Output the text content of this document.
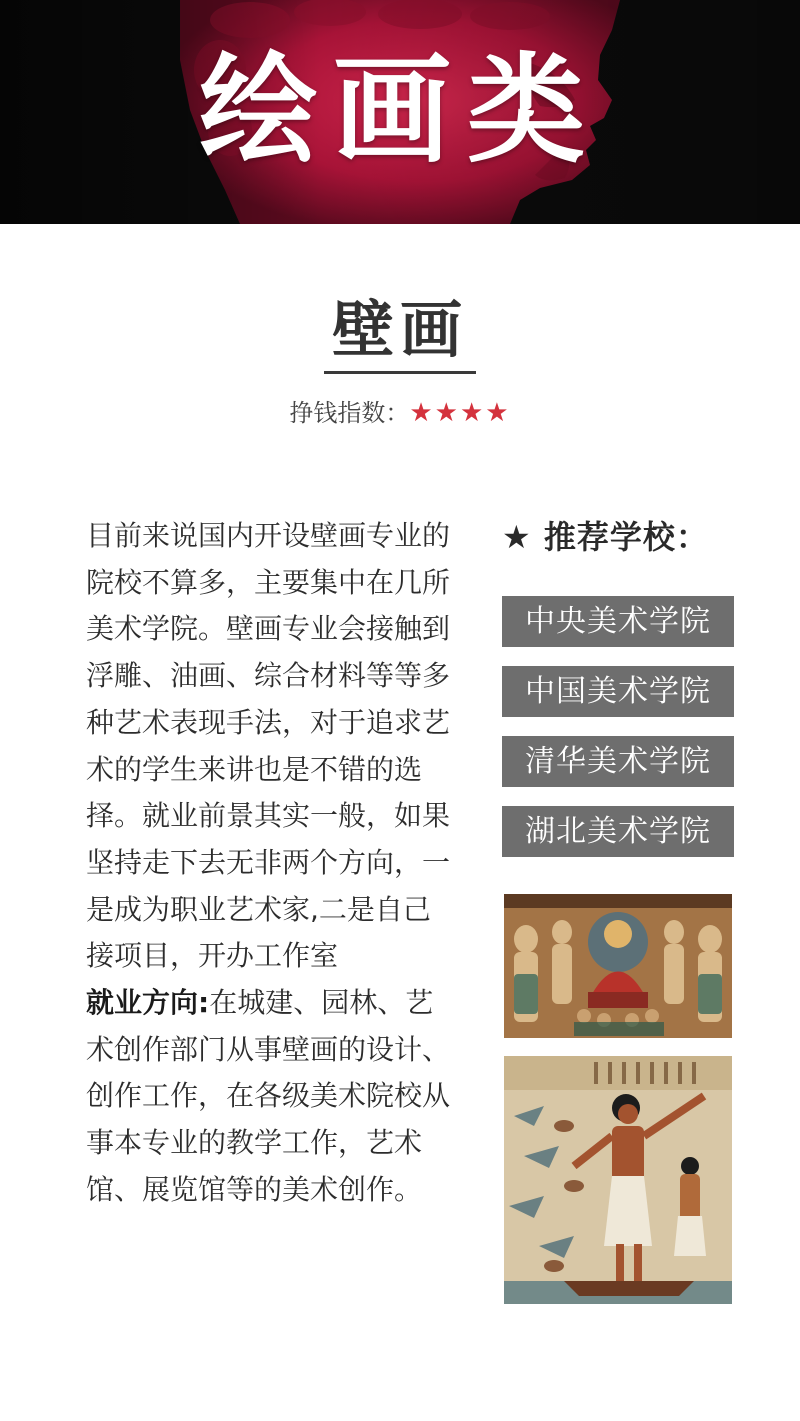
绘画类
壁画
挣钱指数：★★★★

目前来说国内开设壁画专业的院校不算多，主要集中在几所美术学院。壁画专业会接触到浮雕、油画、综合材料等等多种艺术表现手法，对于追求艺术的学生来讲也是不错的选择。就业前景其实一般，如果坚持走下去无非两个方向，一是成为职业艺术家,二是自己接项目，开办工作室

就业方向:在城建、园林、艺术创作部门从事壁画的设计、创作工作，在各级美术院校从事本专业的教学工作，艺术馆、展览馆等的美术创作。

★ 推荐学校：
中央美术学院
中国美术学院
清华美术学院
湖北美术学院
